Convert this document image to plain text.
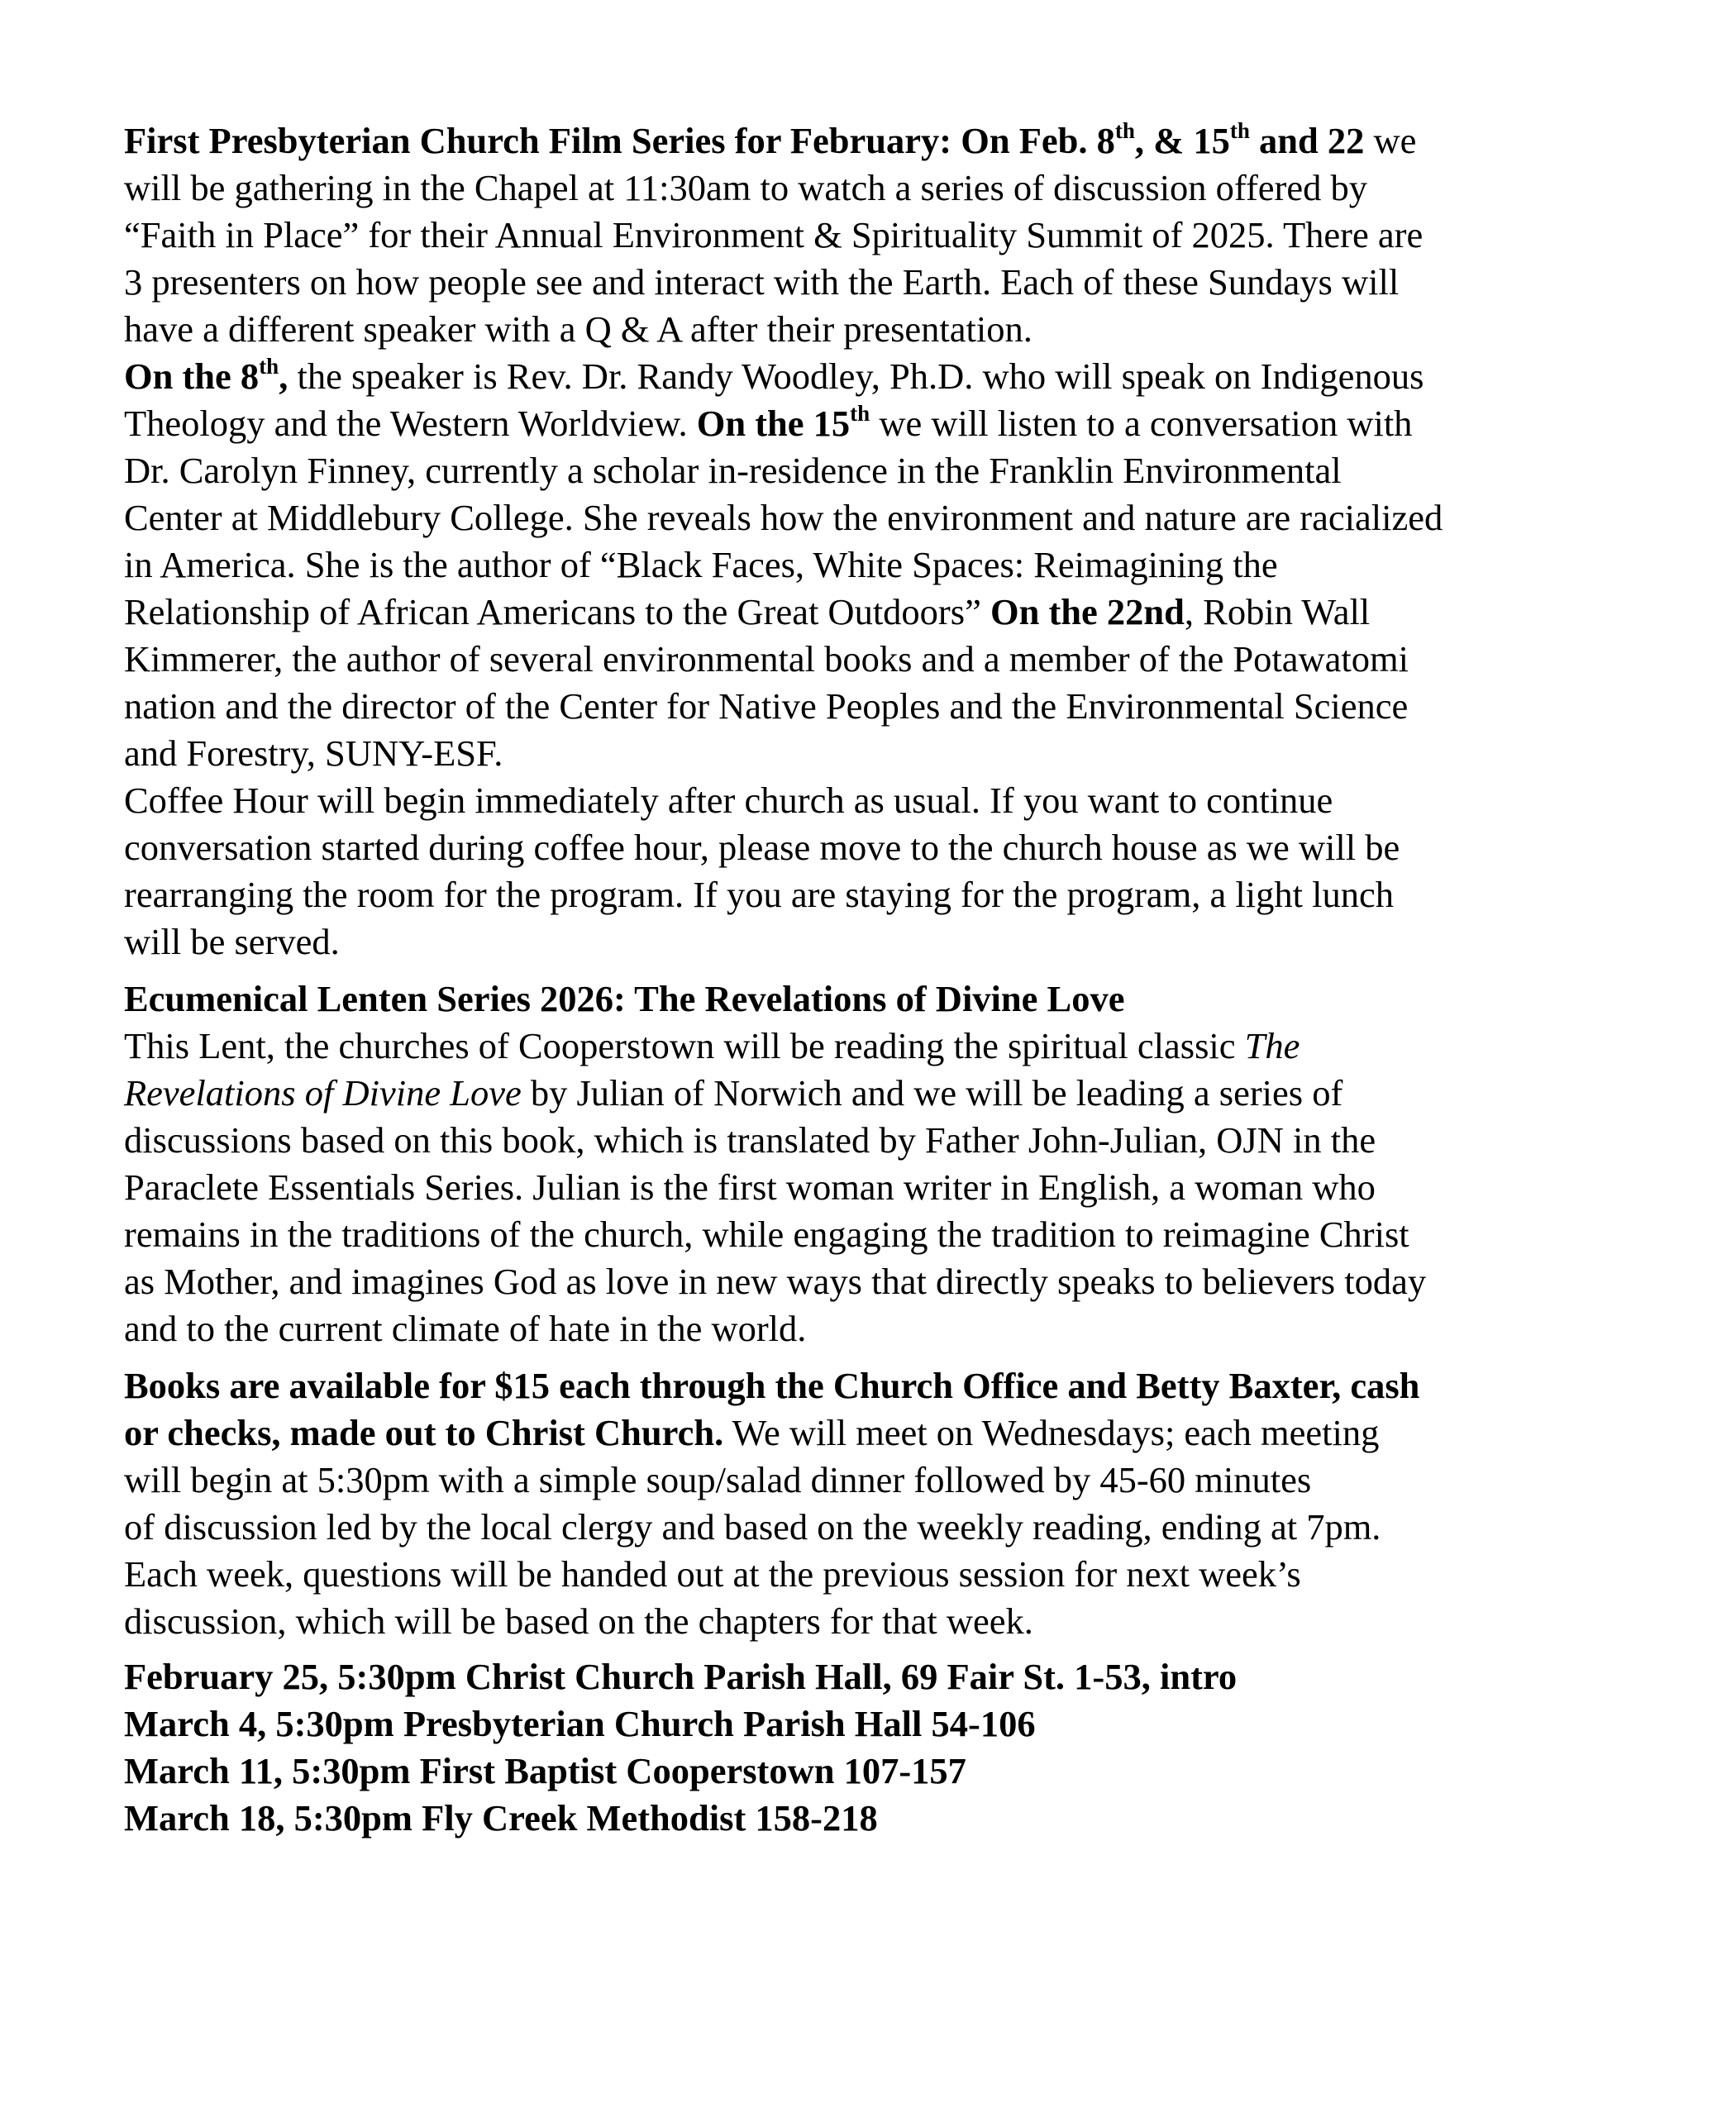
First Presbyterian Church Film Series for February: On Feb. 8th, & 15th and 22 we
will be gathering in the Chapel at 11:30am to watch a series of discussion offered by
“Faith in Place” for their Annual Environment & Spirituality Summit of 2025. There are
3 presenters on how people see and interact with the Earth. Each of these Sundays will
have a different speaker with a Q & A after their presentation.
On the 8th, the speaker is Rev. Dr. Randy Woodley, Ph.D. who will speak on Indigenous
Theology and the Western Worldview. On the 15th we will listen to a conversation with
Dr. Carolyn Finney, currently a scholar in-residence in the Franklin Environmental
Center at Middlebury College. She reveals how the environment and nature are racialized
in America. She is the author of “Black Faces, White Spaces: Reimagining the
Relationship of African Americans to the Great Outdoors” On the 22nd, Robin Wall
Kimmerer, the author of several environmental books and a member of the Potawatomi
nation and the director of the Center for Native Peoples and the Environmental Science
and Forestry, SUNY-ESF.
Coffee Hour will begin immediately after church as usual. If you want to continue
conversation started during coffee hour, please move to the church house as we will be
rearranging the room for the program. If you are staying for the program, a light lunch
will be served.
Ecumenical Lenten Series 2026: The Revelations of Divine Love
This Lent, the churches of Cooperstown will be reading the spiritual classic The
Revelations of Divine Love by Julian of Norwich and we will be leading a series of
discussions based on this book, which is translated by Father John-Julian, OJN in the
Paraclete Essentials Series. Julian is the first woman writer in English, a woman who
remains in the traditions of the church, while engaging the tradition to reimagine Christ
as Mother, and imagines God as love in new ways that directly speaks to believers today
and to the current climate of hate in the world.
Books are available for $15 each through the Church Office and Betty Baxter, cash
or checks, made out to Christ Church. We will meet on Wednesdays; each meeting
will begin at 5:30pm with a simple soup/salad dinner followed by 45-60 minutes
of discussion led by the local clergy and based on the weekly reading, ending at 7pm.
Each week, questions will be handed out at the previous session for next week’s
discussion, which will be based on the chapters for that week.
February 25, 5:30pm Christ Church Parish Hall, 69 Fair St. 1-53, intro
March 4, 5:30pm Presbyterian Church Parish Hall 54-106
March 11, 5:30pm First Baptist Cooperstown 107-157
March 18, 5:30pm Fly Creek Methodist 158-218
